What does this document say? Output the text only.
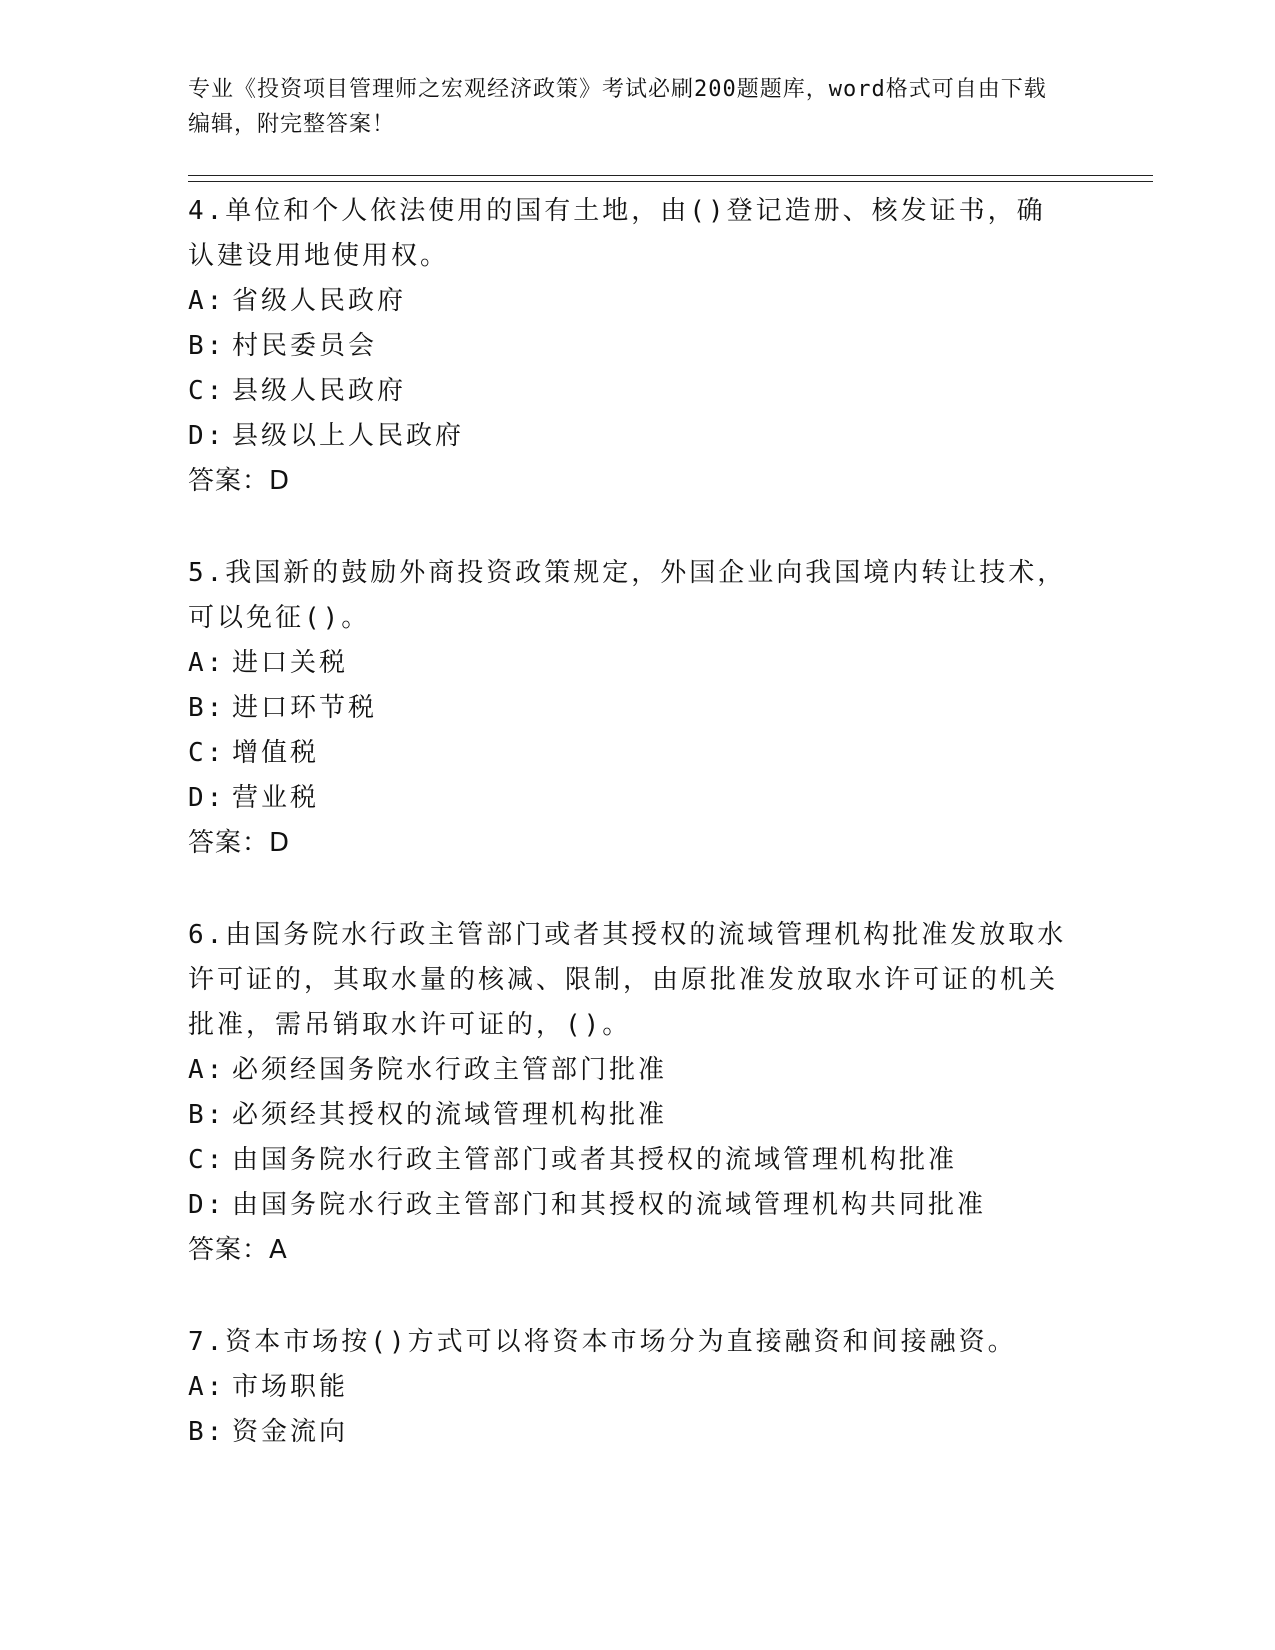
专业《投资项目管理师之宏观经济政策》考试必刷200题题库，word格式可自由下载编辑，附完整答案！

4.单位和个人依法使用的国有土地，由()登记造册、核发证书，确认建设用地使用权。

A: 省级人民政府
B: 村民委员会
C: 县级人民政府
D: 县级以上人民政府
答案：D

5.我国新的鼓励外商投资政策规定，外国企业向我国境内转让技术，可以免征()。

A: 进口关税
B: 进口环节税
C: 增值税
D: 营业税
答案：D

6.由国务院水行政主管部门或者其授权的流域管理机构批准发放取水许可证的，其取水量的核减、限制，由原批准发放取水许可证的机关批准，需吊销取水许可证的，()。

A: 必须经国务院水行政主管部门批准
B: 必须经其授权的流域管理机构批准
C: 由国务院水行政主管部门或者其授权的流域管理机构批准
D: 由国务院水行政主管部门和其授权的流域管理机构共同批准
答案：A

7.资本市场按()方式可以将资本市场分为直接融资和间接融资。

A: 市场职能
B: 资金流向
